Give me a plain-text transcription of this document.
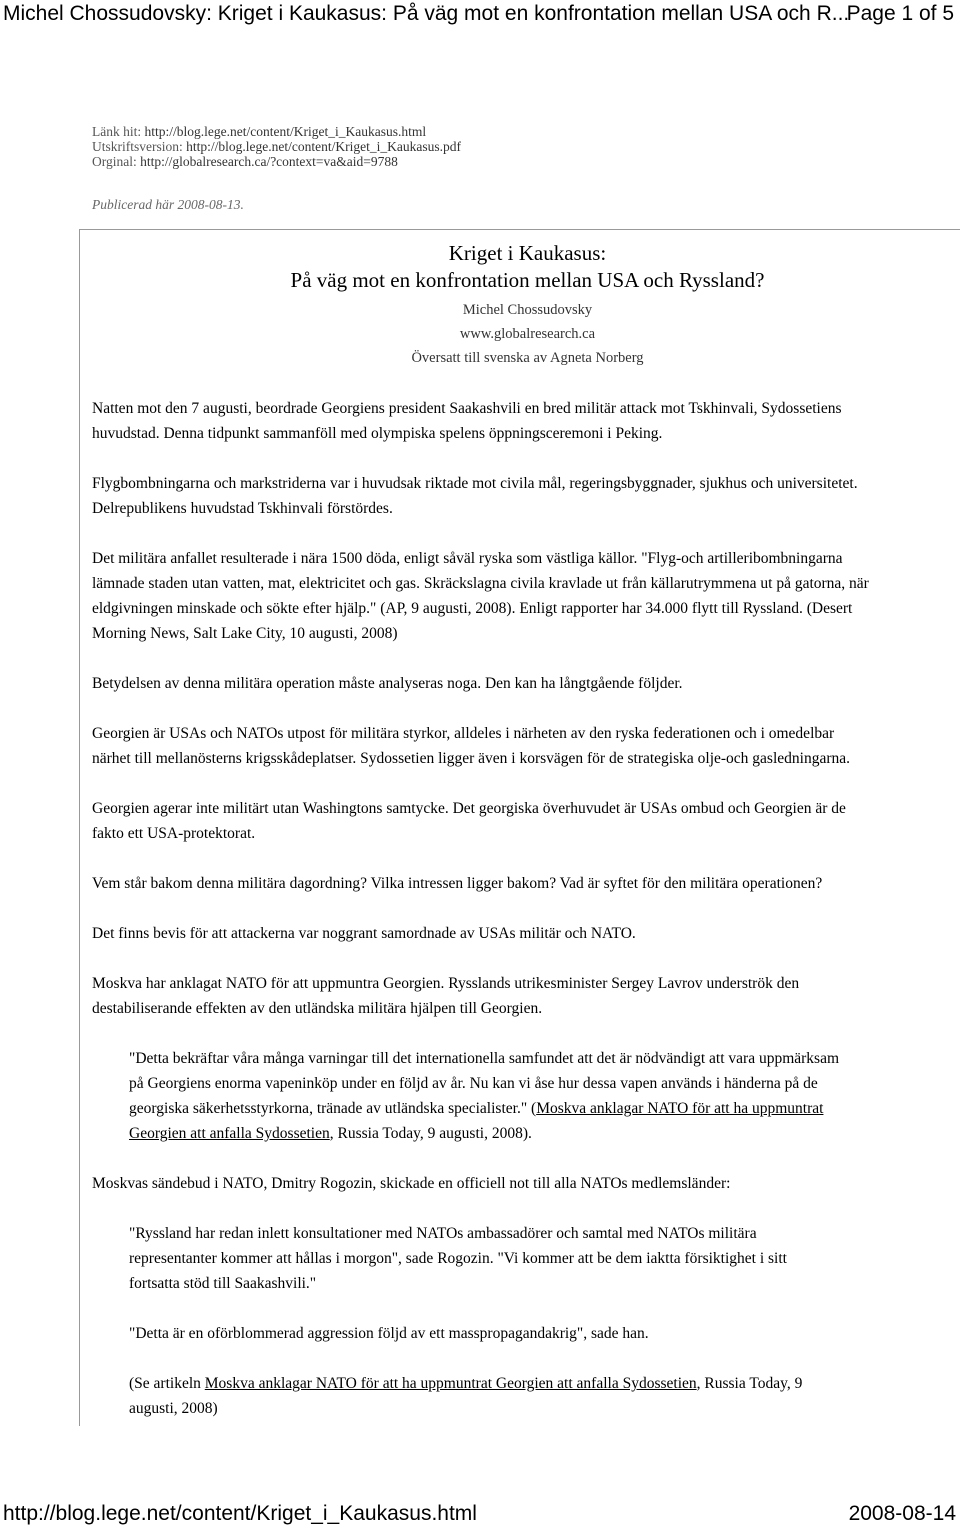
Michel Chossudovsky: Kriget i Kaukasus: På väg mot en konfrontation mellan USA och R...
Page 1 of 5
Länk hit: http://blog.lege.net/content/Kriget_i_Kaukasus.html
Utskriftsversion: http://blog.lege.net/content/Kriget_i_Kaukasus.pdf
Orginal: http://globalresearch.ca/?context=va&aid=9788
Publicerad här 2008-08-13.
Kriget i Kaukasus:
På väg mot en konfrontation mellan USA och Ryssland?
Michel Chossudovsky
www.globalresearch.ca
Översatt till svenska av Agneta Norberg

Natten mot den 7 augusti, beordrade Georgiens president Saakashvili en bred militär attack mot Tskhinvali, Sydossetiens
huvudstad. Denna tidpunkt sammanföll med olympiska spelens öppningsceremoni i Peking.

Flygbombningarna och markstriderna var i huvudsak riktade mot civila mål, regeringsbyggnader, sjukhus och universitetet.
Delrepublikens huvudstad Tskhinvali förstördes.

Det militära anfallet resulterade i nära 1500 döda, enligt såväl ryska som västliga källor. "Flyg-och artilleribombningarna
lämnade staden utan vatten, mat, elektricitet och gas. Skräckslagna civila kravlade ut från källarutrymmena ut på gatorna, när
eldgivningen minskade och sökte efter hjälp." (AP, 9 augusti, 2008). Enligt rapporter har 34.000 flytt till Ryssland. (Desert
Morning News, Salt Lake City, 10 augusti, 2008)

Betydelsen av denna militära operation måste analyseras noga. Den kan ha långtgående följder.

Georgien är USAs och NATOs utpost för militära styrkor, alldeles i närheten av den ryska federationen och i omedelbar
närhet till mellanösterns krigsskådeplatser. Sydossetien ligger även i korsvägen för de strategiska olje-och gasledningarna.

Georgien agerar inte militärt utan Washingtons samtycke. Det georgiska överhuvudet är USAs ombud och Georgien är de
fakto ett USA-protektorat.

Vem står bakom denna militära dagordning? Vilka intressen ligger bakom? Vad är syftet för den militära operationen?

Det finns bevis för att attackerna var noggrant samordnade av USAs militär och NATO.

Moskva har anklagat NATO för att uppmuntra Georgien. Rysslands utrikesminister Sergey Lavrov underströk den
destabiliserande effekten av den utländska militära hjälpen till Georgien.

"Detta bekräftar våra många varningar till det internationella samfundet att det är nödvändigt att vara uppmärksam
på Georgiens enorma vapeninköp under en följd av år. Nu kan vi åse hur dessa vapen används i händerna på de
georgiska säkerhetsstyrkorna, tränade av utländska specialister." (Moskva anklagar NATO för att ha uppmuntrat
Georgien att anfalla Sydossetien, Russia Today, 9 augusti, 2008).

Moskvas sändebud i NATO, Dmitry Rogozin, skickade en officiell not till alla NATOs medlemsländer:

"Ryssland har redan inlett konsultationer med NATOs ambassadörer och samtal med NATOs militära
representanter kommer att hållas i morgon", sade Rogozin. "Vi kommer att be dem iaktta försiktighet i sitt
fortsatta stöd till Saakashvili."

"Detta är en oförblommerad aggression följd av ett masspropagandakrig", sade han.

(Se artikeln Moskva anklagar NATO för att ha uppmuntrat Georgien att anfalla Sydossetien, Russia Today, 9
augusti, 2008)

http://blog.lege.net/content/Kriget_i_Kaukasus.html	2008-08-14
